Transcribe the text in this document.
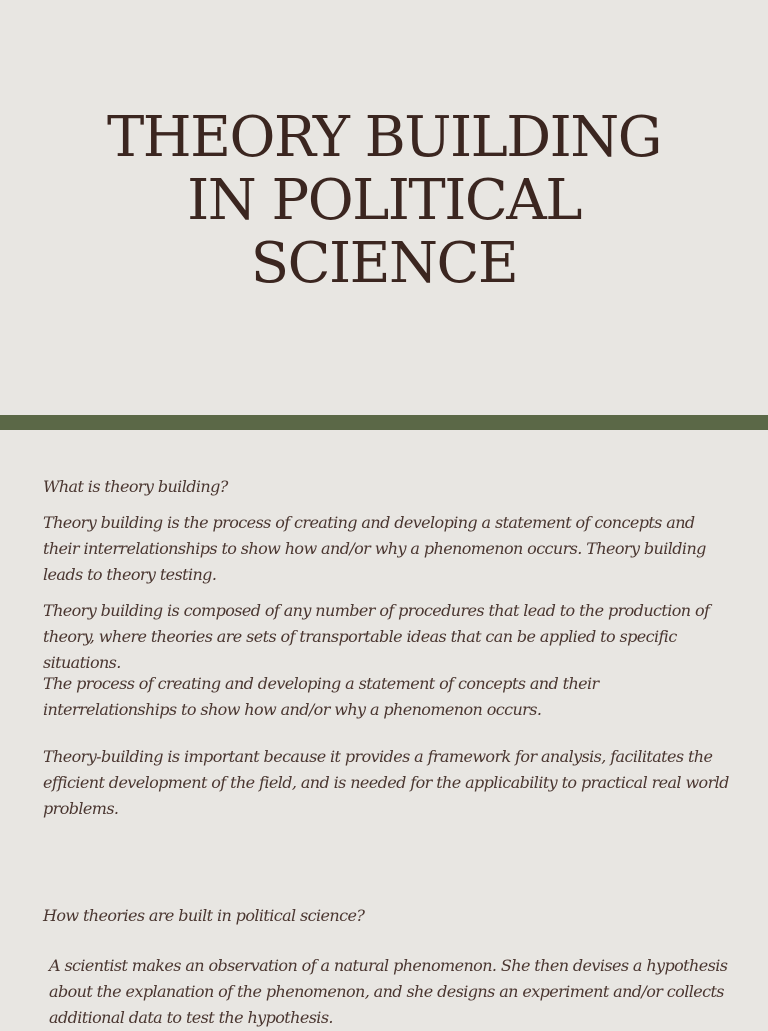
THEORY BUILDING
IN POLITICAL
SCIENCE

What is theory building?

Theory building is the process of creating and developing a statement of concepts and their interrelationships to show how and/or why a phenomenon occurs. Theory building leads to theory testing.

Theory building is composed of any number of procedures that lead to the production of theory, where theories are sets of transportable ideas that can be applied to specific situations.

The process of creating and developing a statement of concepts and their interrelationships to show how and/or why a phenomenon occurs.

Theory-building is important because it provides a framework for analysis, facilitates the efficient development of the field, and is needed for the applicability to practical real world problems.

How theories are built in political science?

A scientist makes an observation of a natural phenomenon. She then devises a hypothesis about the explanation of the phenomenon, and she designs an experiment and/or collects additional data to test the hypothesis.
